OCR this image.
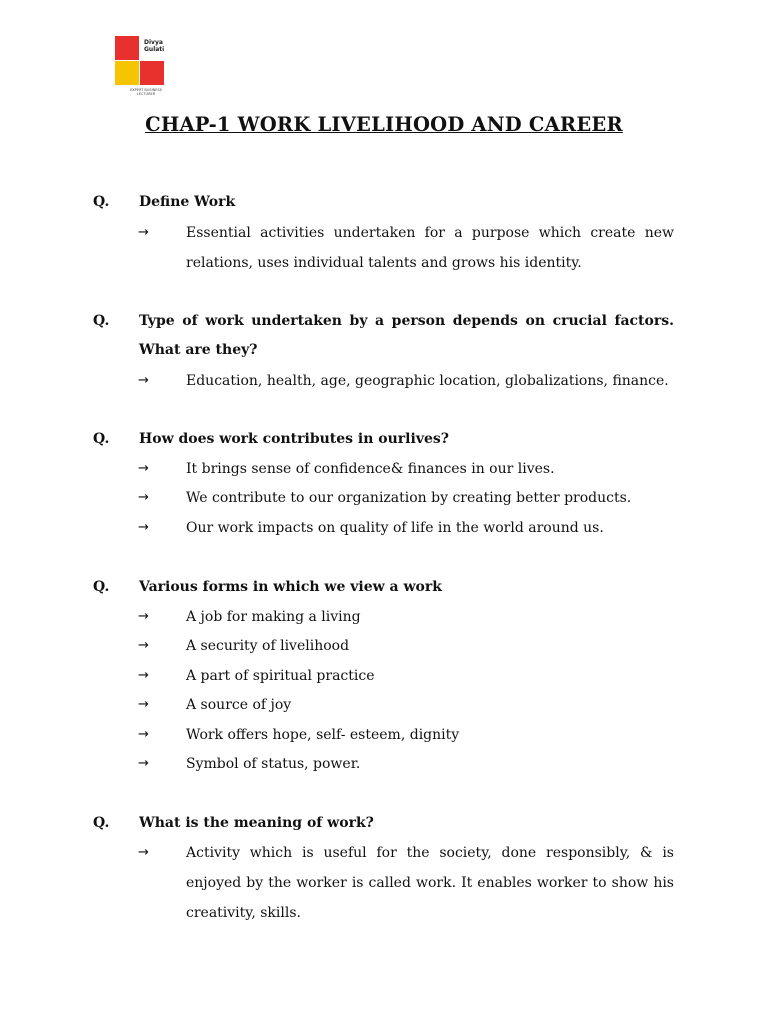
Divya
Gulati
EXPERT BUSINESS
LECTURER
CHAP-1 WORK LIVELIHOOD AND CAREER
Q. Define Work
→	Essential activities undertaken for a purpose which create new relations, uses individual talents and grows his identity.
Q. Type of work undertaken by a person depends on crucial factors. What are they?
→	Education, health, age, geographic location, globalizations, finance.
Q. How does work contributes in ourlives?
→	It brings sense of confidence& finances in our lives.
→	We contribute to our organization by creating better products.
→	Our work impacts on quality of life in the world around us.
Q. Various forms in which we view a work
→	A job for making a living
→	A security of livelihood
→	A part of spiritual practice
→	A source of joy
→	Work offers hope, self- esteem, dignity
→	Symbol of status, power.
Q. What is the meaning of work?
→	Activity which is useful for the society, done responsibly, & is enjoyed by the worker is called work. It enables worker to show his creativity, skills.
